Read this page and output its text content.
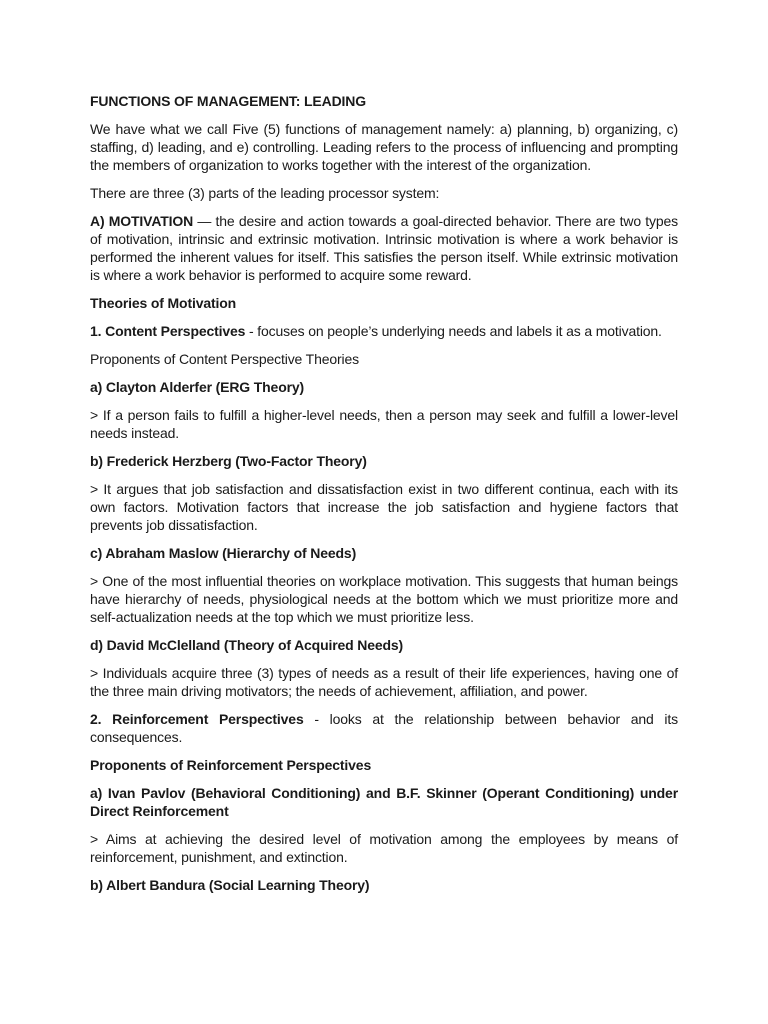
FUNCTIONS OF MANAGEMENT: LEADING

We have what we call Five (5) functions of management namely: a) planning, b) organizing, c) staffing, d) leading, and e) controlling. Leading refers to the process of influencing and prompting the members of organization to works together with the interest of the organization.

There are three (3) parts of the leading processor system:

A) MOTIVATION — the desire and action towards a goal-directed behavior. There are two types of motivation, intrinsic and extrinsic motivation. Intrinsic motivation is where a work behavior is performed the inherent values for itself. This satisfies the person itself. While extrinsic motivation is where a work behavior is performed to acquire some reward.

Theories of Motivation

1. Content Perspectives - focuses on people’s underlying needs and labels it as a motivation.

Proponents of Content Perspective Theories

a) Clayton Alderfer (ERG Theory)

> If a person fails to fulfill a higher-level needs, then a person may seek and fulfill a lower-level needs instead.

b) Frederick Herzberg (Two-Factor Theory)

> It argues that job satisfaction and dissatisfaction exist in two different continua, each with its own factors. Motivation factors that increase the job satisfaction and hygiene factors that prevents job dissatisfaction.

c) Abraham Maslow (Hierarchy of Needs)

> One of the most influential theories on workplace motivation. This suggests that human beings have hierarchy of needs, physiological needs at the bottom which we must prioritize more and self-actualization needs at the top which we must prioritize less.

d) David McClelland (Theory of Acquired Needs)

> Individuals acquire three (3) types of needs as a result of their life experiences, having one of the three main driving motivators; the needs of achievement, affiliation, and power.

2. Reinforcement Perspectives - looks at the relationship between behavior and its consequences.

Proponents of Reinforcement Perspectives

a) Ivan Pavlov (Behavioral Conditioning) and B.F. Skinner (Operant Conditioning) under Direct Reinforcement

> Aims at achieving the desired level of motivation among the employees by means of reinforcement, punishment, and extinction.

b) Albert Bandura (Social Learning Theory)
